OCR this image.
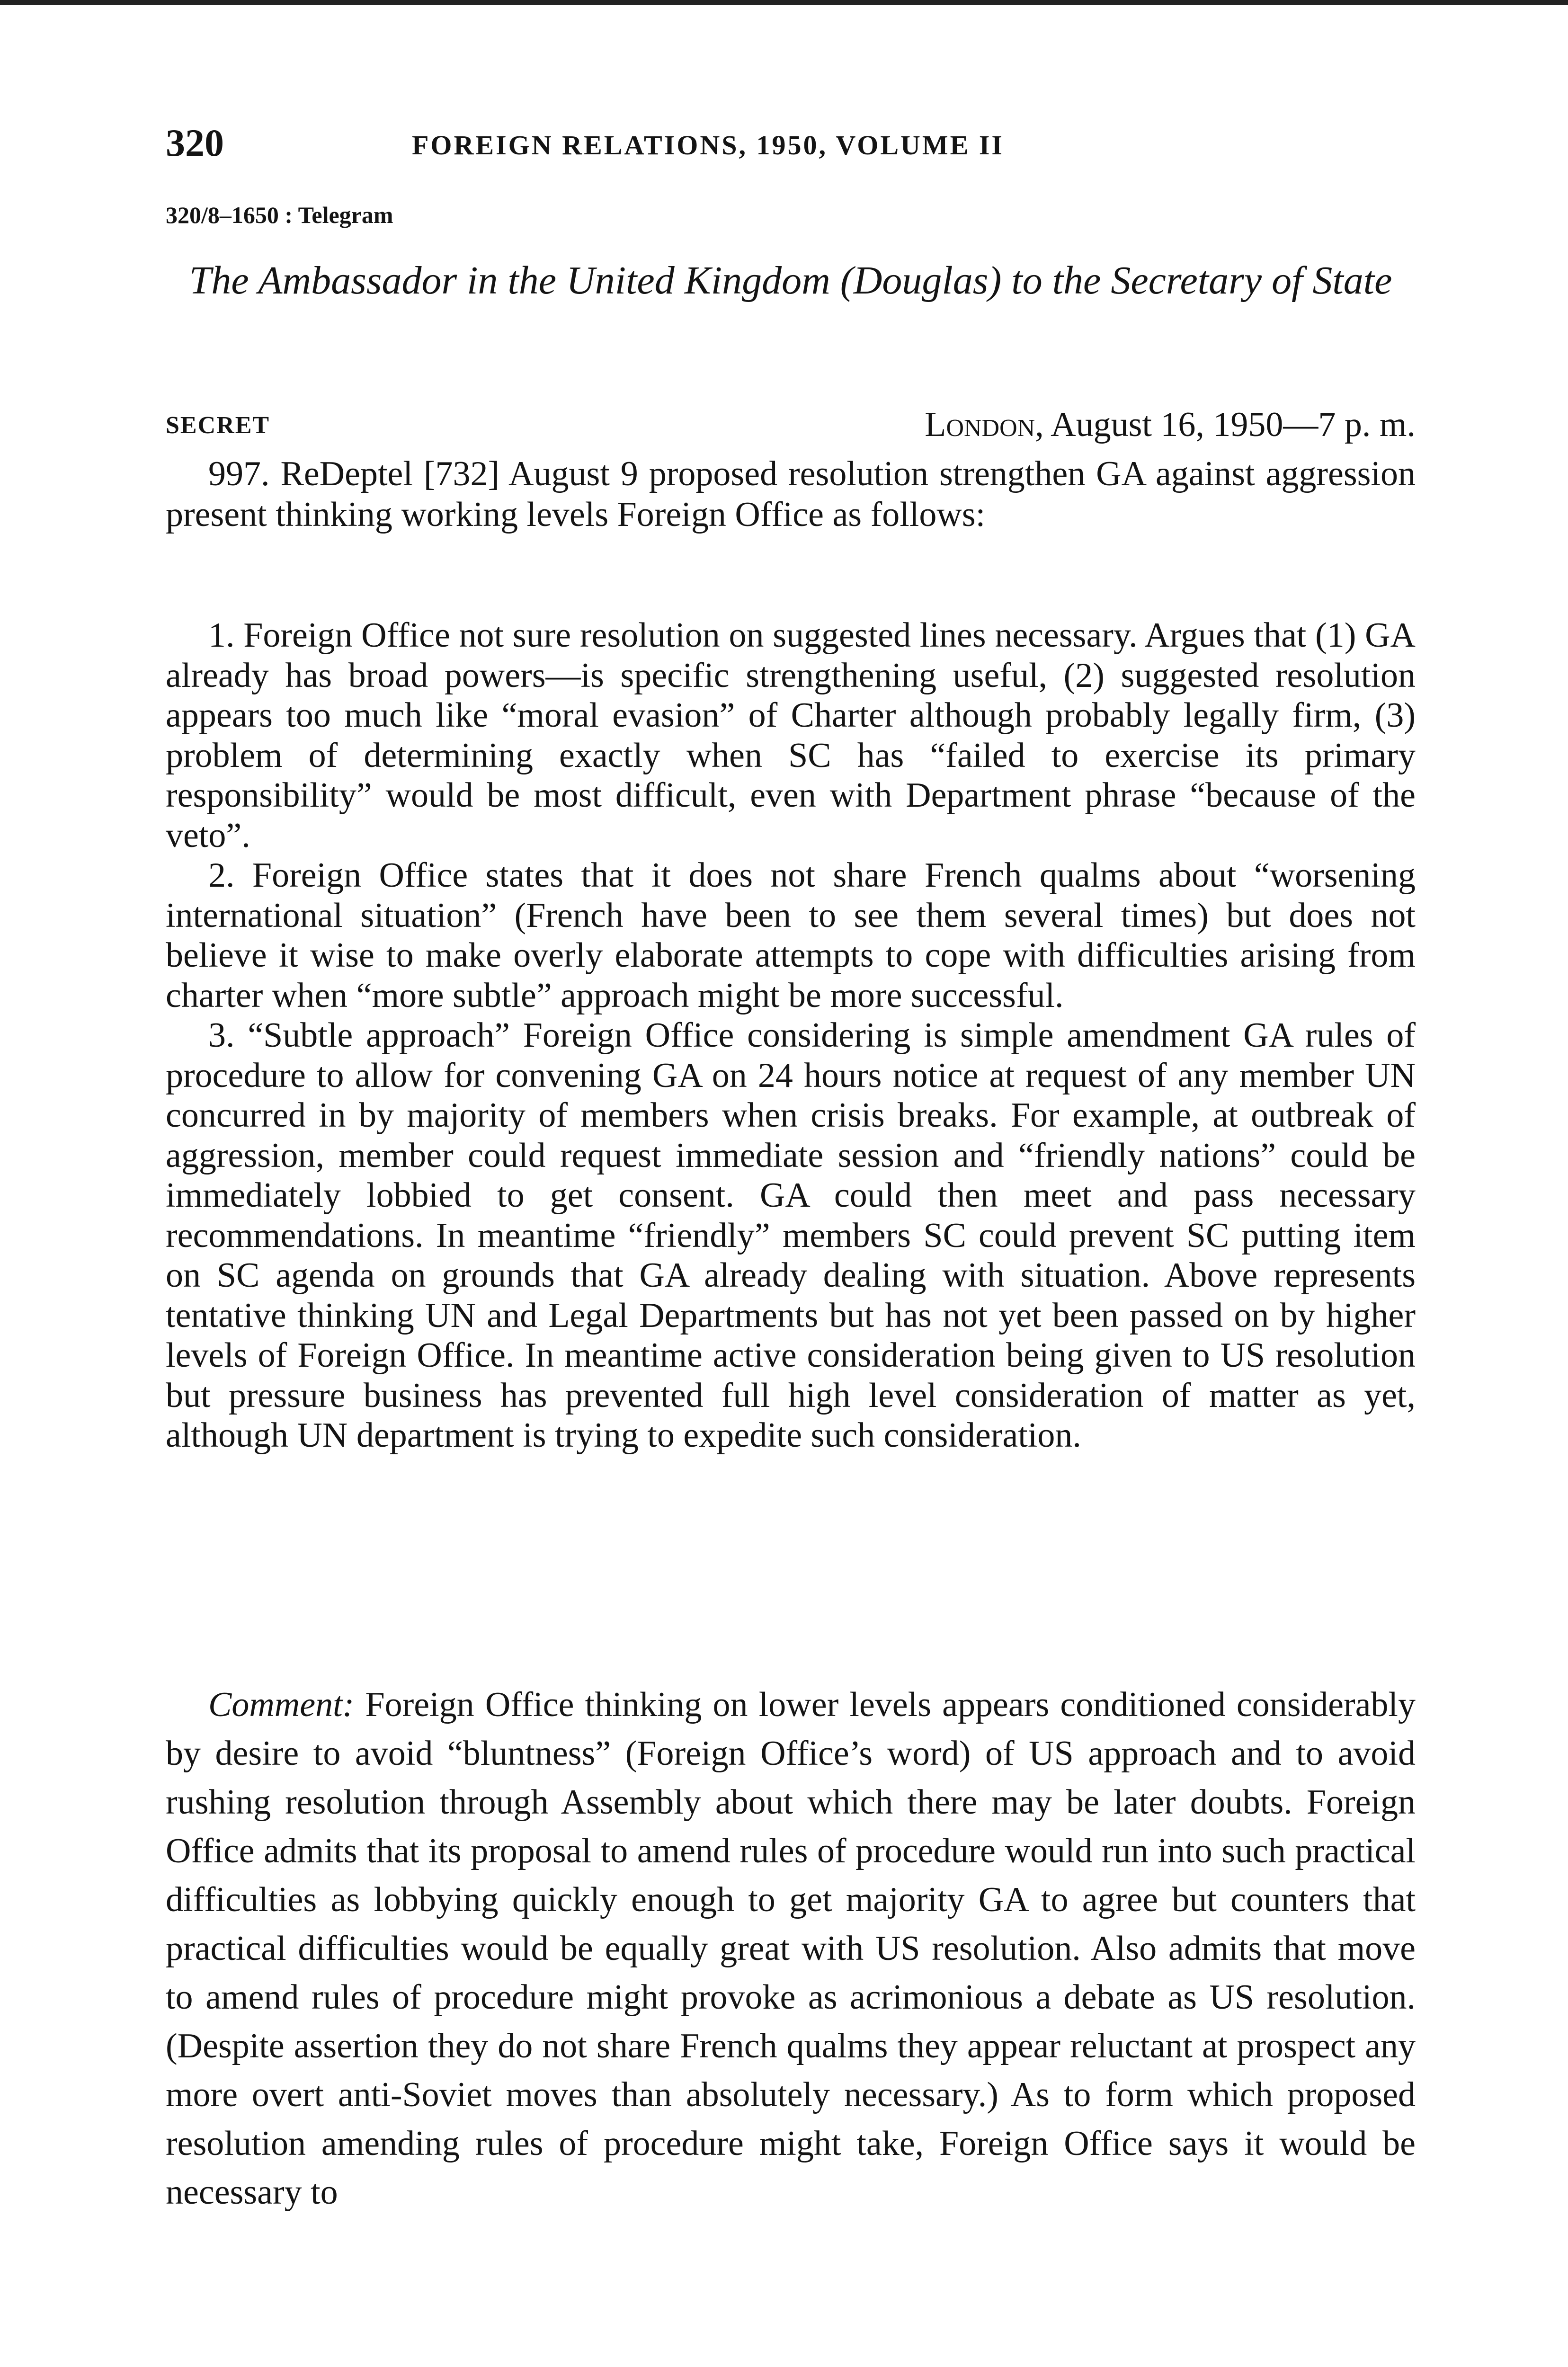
320	FOREIGN RELATIONS, 1950, VOLUME II
320/8–1650 : Telegram
The Ambassador in the United Kingdom (Douglas) to the Secretary of State
SECRET	London, August 16, 1950—7 p. m.

997. ReDeptel [732] August 9 proposed resolution strengthen GA against aggression present thinking working levels Foreign Office as follows:

1. Foreign Office not sure resolution on suggested lines necessary. Argues that (1) GA already has broad powers—is specific strengthening useful, (2) suggested resolution appears too much like “moral evasion” of Charter although probably legally firm, (3) problem of determining exactly when SC has “failed to exercise its primary responsibility” would be most difficult, even with Department phrase “because of the veto”.

2. Foreign Office states that it does not share French qualms about “worsening international situation” (French have been to see them several times) but does not believe it wise to make overly elaborate attempts to cope with difficulties arising from charter when “more subtle” approach might be more successful.

3. “Subtle approach” Foreign Office considering is simple amendment GA rules of procedure to allow for convening GA on 24 hours notice at request of any member UN concurred in by majority of members when crisis breaks. For example, at outbreak of aggression, member could request immediate session and “friendly nations” could be immediately lobbied to get consent. GA could then meet and pass necessary recommendations. In meantime “friendly” members SC could prevent SC putting item on SC agenda on grounds that GA already dealing with situation. Above represents tentative thinking UN and Legal Departments but has not yet been passed on by higher levels of Foreign Office. In meantime active consideration being given to US resolution but pressure business has prevented full high level consideration of matter as yet, although UN department is trying to expedite such consideration.

Comment: Foreign Office thinking on lower levels appears conditioned considerably by desire to avoid “bluntness” (Foreign Office’s word) of US approach and to avoid rushing resolution through Assembly about which there may be later doubts. Foreign Office admits that its proposal to amend rules of procedure would run into such practical difficulties as lobbying quickly enough to get majority GA to agree but counters that practical difficulties would be equally great with US resolution. Also admits that move to amend rules of procedure might provoke as acrimonious a debate as US resolution. (Despite assertion they do not share French qualms they appear reluctant at prospect any more overt anti-Soviet moves than absolutely necessary.) As to form which proposed resolution amending rules of procedure might take, Foreign Office says it would be necessary to
